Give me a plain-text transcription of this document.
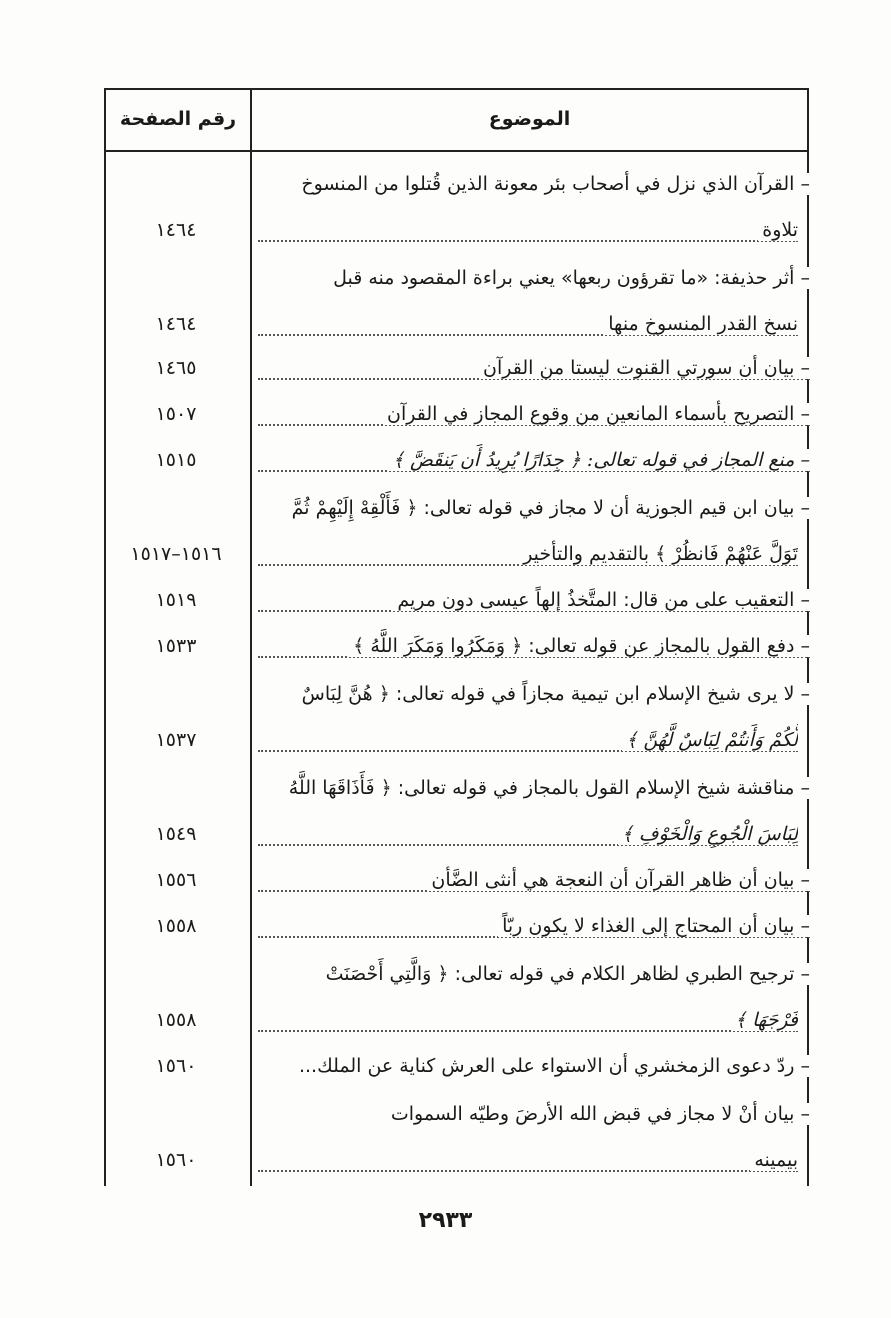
الموضوع
رقم الصفحة
– القرآن الذي نزل في أصحاب بئر معونة الذين قُتلوا من المنسوخ
تلاوة
– أثر حذيفة: «ما تقرؤون ربعها» يعني براءة المقصود منه قبل
نسخ القدر المنسوخ منها
– بيان أن سورتي القنوت ليستا من القرآن
– التصريح بأسماء المانعين من وقوع المجاز في القرآن
– منع المجاز في قوله تعالى: ﴿ جِدَارًا يُرِيدُ أَن يَنقَضَّ ﴾
– بيان ابن قيم الجوزية أن لا مجاز في قوله تعالى: ﴿ فَأَلْقِهْ إِلَيْهِمْ ثُمَّ
تَوَلَّ عَنْهُمْ فَانظُرْ ﴾ بالتقديم والتأخير
– التعقيب على من قال: المتَّخذُ إلهاً عيسى دون مريم
– دفع القول بالمجاز عن قوله تعالى: ﴿ وَمَكَرُوا وَمَكَرَ اللَّهُ ﴾
– لا يرى شيخ الإسلام ابن تيمية مجازاً في قوله تعالى: ﴿ هُنَّ لِبَاسٌ
لَّكُمْ وَأَنتُمْ لِبَاسٌ لَّهُنَّ ﴾
– مناقشة شيخ الإسلام القول بالمجاز في قوله تعالى: ﴿ فَأَذَاقَهَا اللَّهُ
لِبَاسَ الْجُوعِ وَالْخَوْفِ ﴾
– بيان أن ظاهر القرآن أن النعجة هي أنثى الضَّأن
– بيان أن المحتاج إلى الغذاء لا يكون ربّاً
– ترجيح الطبري لظاهر الكلام في قوله تعالى: ﴿ وَالَّتِي أَحْصَنَتْ
فَرْجَهَا ﴾
– ردّ دعوى الزمخشري أن الاستواء على العرش كناية عن الملك...
– بيان أنْ لا مجاز في قبض الله الأرضَ وطيّه السموات
بيمينه
١٤٦٤
١٤٦٤
١٤٦٥
١٥٠٧
١٥١٥
١٥١٦–١٥١٧
١٥١٩
١٥٣٣
١٥٣٧
١٥٤٩
١٥٥٦
١٥٥٨
١٥٥٨
١٥٦٠
١٥٦٠
٢٩٣٣
